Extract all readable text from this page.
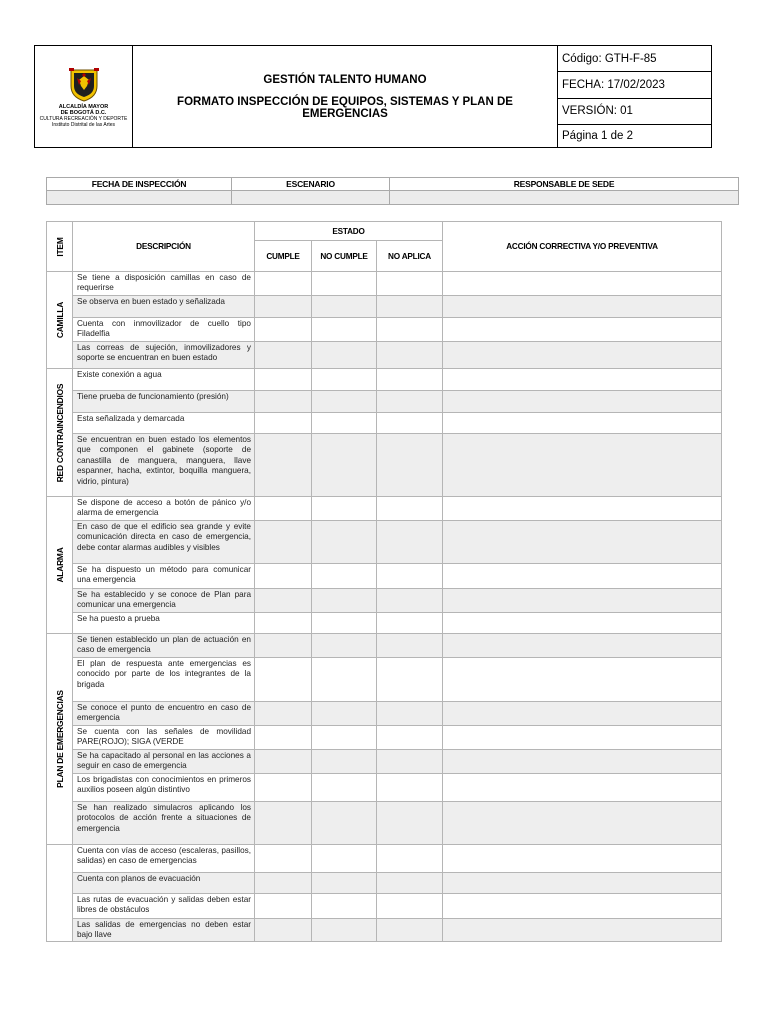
ALCALDÍA MAYOR
DE BOGOTÁ D.C.
CULTURA RECREACIÓN Y DEPORTE
Instituto Distrital de las Artes

GESTIÓN TALENTO HUMANO
FORMATO INSPECCIÓN DE EQUIPOS, SISTEMAS Y PLAN DE EMERGENCIAS
	Código: GTH-F-85
FECHA: 17/02/2023
VERSIÓN: 01
Página 1 de 2
FECHA DE INSPECCIÓN	ESCENARIO	RESPONSABLE DE SEDE

ITEM	DESCRIPCIÓN	ESTADO			ACCIÓN CORRECTIVA Y/O PREVENTIVA
		CUMPLE	NO CUMPLE	NO APLICA	

CAMILLA	Se tiene a disposición camillas en caso de requerirse				
	Se observa en buen estado y señalizada				
	Cuenta con inmovilizador de cuello tipo Filadelfia				
	Las correas de sujeción, inmovilizadores y soporte se encuentran en buen estado				

RED CONTRAINCENDIOS	Existe conexión a agua				
	Tiene prueba de funcionamiento (presión)				
	Esta señalizada y demarcada				
	Se encuentran en buen estado los elementos que componen el gabinete (soporte de canastilla de manguera, manguera, llave espanner, hacha, extintor, boquilla manguera, vidrio, pintura)				

ALARMA	Se dispone de acceso a botón de pánico y/o alarma de emergencia				
	En caso de que el edificio sea grande y evite comunicación directa en caso de emergencia, debe contar alarmas audibles y visibles				
	Se ha dispuesto un método para comunicar una emergencia				
	Se ha establecido y se conoce de Plan para comunicar una emergencia				
	Se ha puesto a prueba				

PLAN DE EMERGENCIAS	Se tienen establecido un plan de actuación en caso de emergencia				
	El plan de respuesta ante emergencias es conocido por parte de los integrantes de la brigada				
	Se conoce el punto de encuentro en caso de emergencia				
	Se cuenta con las señales de movilidad PARE(ROJO); SIGA (VERDE				
	Se ha capacitado al personal en las acciones a seguir en caso de emergencia				
	Los brigadistas con conocimientos en primeros auxilios poseen algún distintivo				
	Se han realizado simulacros aplicando los protocolos de acción frente a situaciones de emergencia				

	Cuenta con vías de acceso (escaleras, pasillos, salidas) en caso de emergencias				
	Cuenta con planos de evacuación				
	Las rutas de evacuación y salidas deben estar libres de obstáculos				
	Las salidas de emergencias no deben estar bajo llave				
